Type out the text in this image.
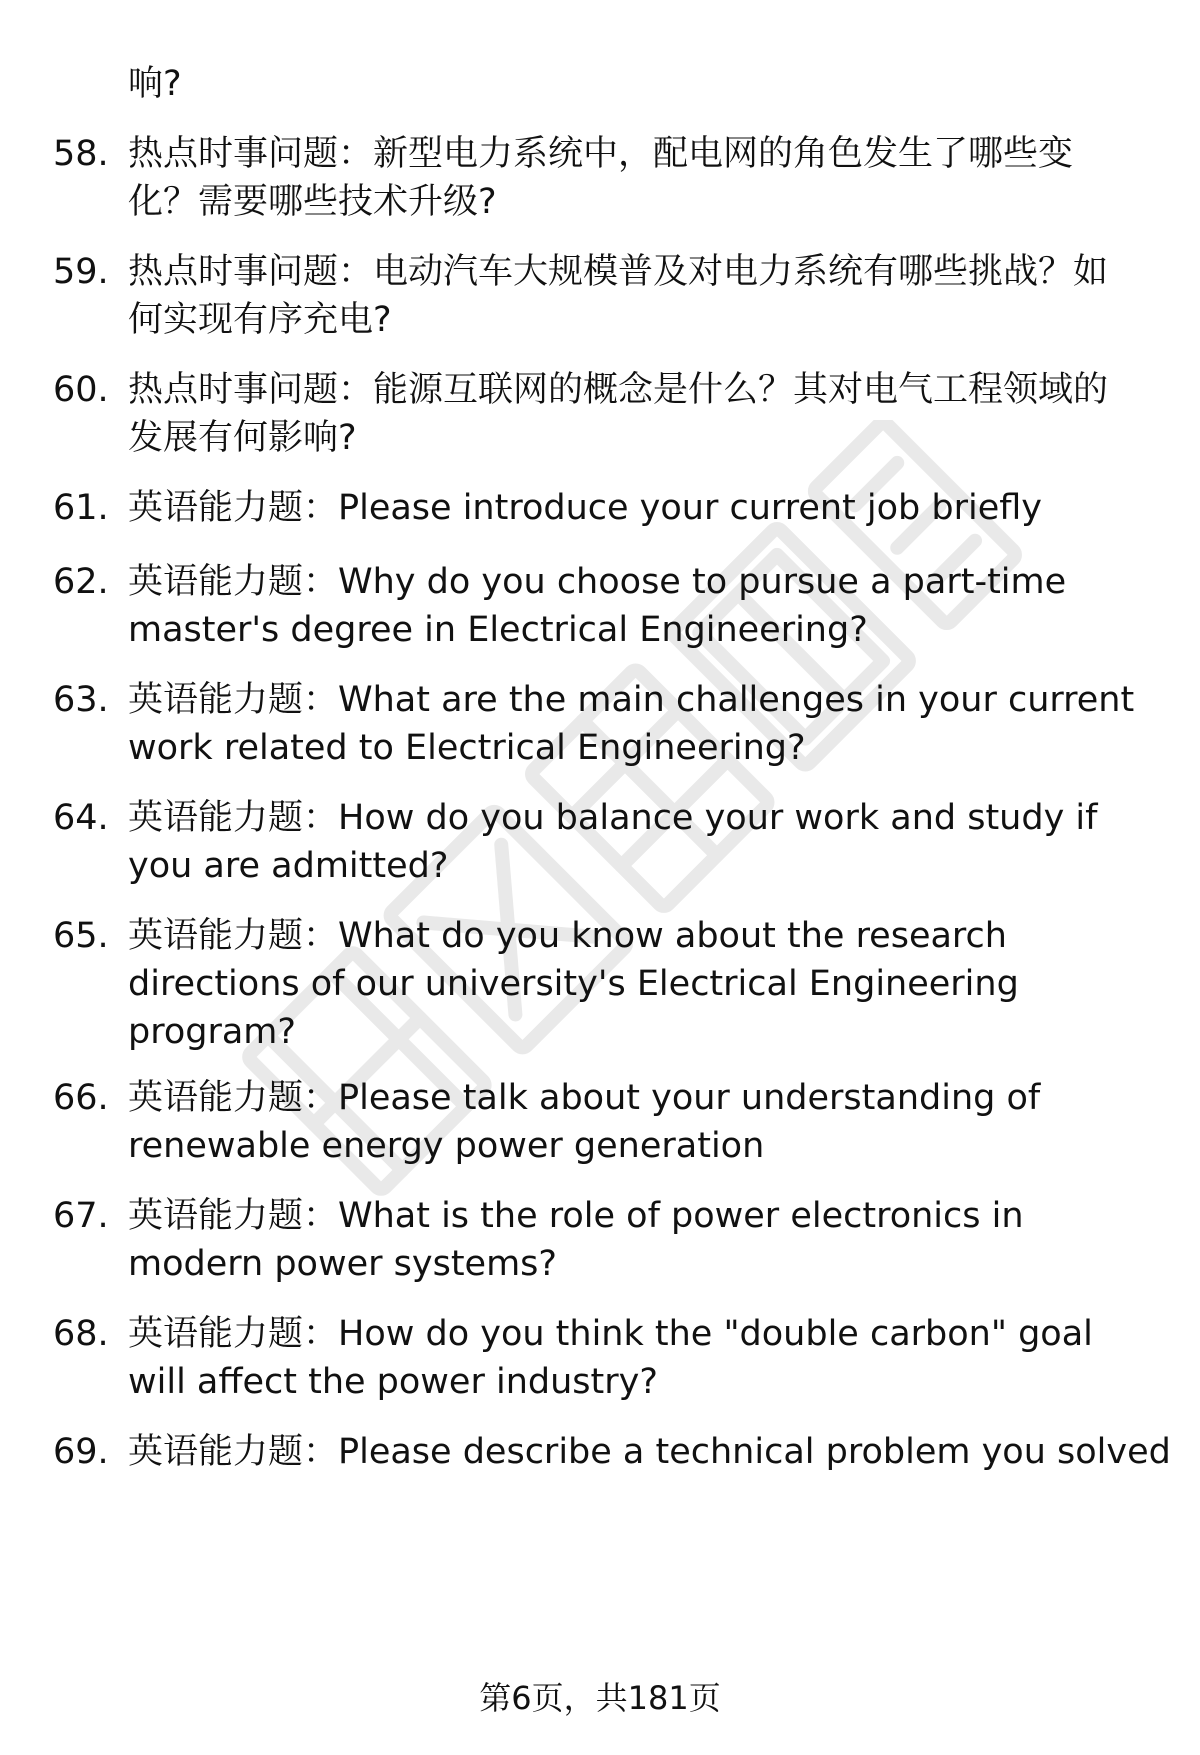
响?
58. 热点时事问题：新型电力系统中，配电网的角色发生了哪些变
化？需要哪些技术升级?
59. 热点时事问题：电动汽车大规模普及对电力系统有哪些挑战？如
何实现有序充电?
60. 热点时事问题：能源互联网的概念是什么？其对电气工程领域的
发展有何影响?
61. 英语能力题：Please introduce your current job briefly
62. 英语能力题：Why do you choose to pursue a part-time
master's degree in Electrical Engineering?
63. 英语能力题：What are the main challenges in your current
work related to Electrical Engineering?
64. 英语能力题：How do you balance your work and study if
you are admitted?
65. 英语能力题：What do you know about the research
directions of our university's Electrical Engineering
program?
66. 英语能力题：Please talk about your understanding of
renewable energy power generation
67. 英语能力题：What is the role of power electronics in
modern power systems?
68. 英语能力题：How do you think the "double carbon" goal
will affect the power industry?
69. 英语能力题：Please describe a technical problem you solved
第6页，共181页
